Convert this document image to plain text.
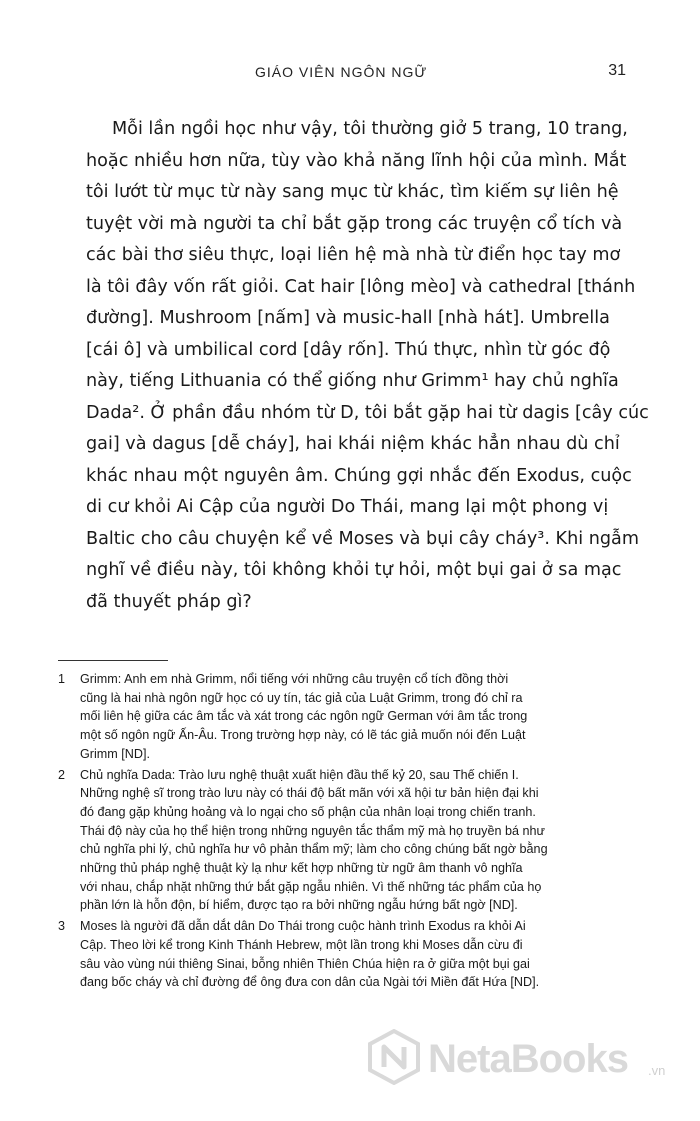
GIÁO VIÊN NGÔN NGỮ	31
Mỗi lần ngồi học như vậy, tôi thường giở 5 trang, 10 trang,
hoặc nhiều hơn nữa, tùy vào khả năng lĩnh hội của mình. Mắt
tôi lướt từ mục từ này sang mục từ khác, tìm kiếm sự liên hệ
tuyệt vời mà người ta chỉ bắt gặp trong các truyện cổ tích và
các bài thơ siêu thực, loại liên hệ mà nhà từ điển học tay mơ
là tôi đây vốn rất giỏi. Cat hair [lông mèo] và cathedral [thánh
đường]. Mushroom [nấm] và music-hall [nhà hát]. Umbrella
[cái ô] và umbilical cord [dây rốn]. Thú thực, nhìn từ góc độ
này, tiếng Lithuania có thể giống như Grimm¹ hay chủ nghĩa
Dada². Ở phần đầu nhóm từ D, tôi bắt gặp hai từ dagis [cây cúc
gai] và dagus [dễ cháy], hai khái niệm khác hẳn nhau dù chỉ
khác nhau một nguyên âm. Chúng gợi nhắc đến Exodus, cuộc
di cư khỏi Ai Cập của người Do Thái, mang lại một phong vị
Baltic cho câu chuyện kể về Moses và bụi cây cháy³. Khi ngẫm
nghĩ về điều này, tôi không khỏi tự hỏi, một bụi gai ở sa mạc
đã thuyết pháp gì?
1	Grimm: Anh em nhà Grimm, nổi tiếng với những câu truyện cổ tích đồng thời
cũng là hai nhà ngôn ngữ học có uy tín, tác giả của Luật Grimm, trong đó chỉ ra
mối liên hệ giữa các âm tắc và xát trong các ngôn ngữ German với âm tắc trong
một số ngôn ngữ Ấn-Âu. Trong trường hợp này, có lẽ tác giả muốn nói đến Luật
Grimm [ND].
2	Chủ nghĩa Dada: Trào lưu nghệ thuật xuất hiện đầu thế kỷ 20, sau Thế chiến I.
Những nghệ sĩ trong trào lưu này có thái độ bất mãn với xã hội tư bản hiện đại khi
đó đang gặp khủng hoảng và lo ngại cho số phận của nhân loại trong chiến tranh.
Thái độ này của họ thể hiện trong những nguyên tắc thẩm mỹ mà họ truyền bá như
chủ nghĩa phi lý, chủ nghĩa hư vô phản thẩm mỹ; làm cho công chúng bất ngờ bằng
những thủ pháp nghệ thuật kỳ lạ như kết hợp những từ ngữ âm thanh vô nghĩa
với nhau, chắp nhặt những thứ bắt gặp ngẫu nhiên. Vì thế những tác phẩm của họ
phần lớn là hỗn độn, bí hiểm, được tạo ra bởi những ngẫu hứng bất ngờ [ND].
3	Moses là người đã dẫn dắt dân Do Thái trong cuộc hành trình Exodus ra khỏi Ai
Cập. Theo lời kể trong Kinh Thánh Hebrew, một lần trong khi Moses dẫn cừu đi
sâu vào vùng núi thiêng Sinai, bỗng nhiên Thiên Chúa hiện ra ở giữa một bụi gai
đang bốc cháy và chỉ đường để ông đưa con dân của Ngài tới Miền đất Hứa [ND].
NetaBooks .vn
